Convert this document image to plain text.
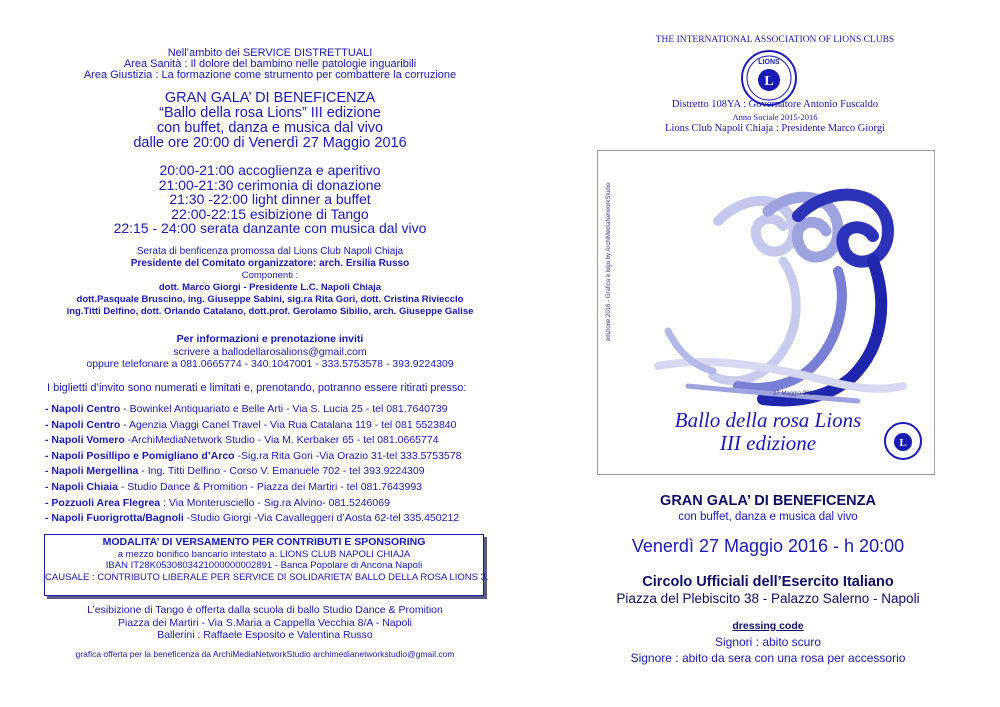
Nell’ambito dei SERVICE DISTRETTUALI
Area Sanità : Il dolore del bambino nelle patologie inguaribili
Area Giustizia : La formazione come strumento per combattere la corruzione
GRAN GALA’ DI BENEFICENZA
“Ballo della rosa Lions” III edizione
con buffet, danza e musica dal vivo
dalle ore 20:00 di Venerdì 27 Maggio 2016
20:00-21:00 accoglienza e aperitivo
21:00-21:30 cerimonia di donazione
21:30 -22:00 light dinner a buffet
22:00-22:15 esibizione di Tango
22:15 - 24:00 serata danzante con musica dal vivo
Serata di benficenza promossa dal Lions Club Napoli Chiaja
Presidente del Comitato organizzatore: arch. Ersilia Russo
Componenti :
dott. Marco Giorgi - Presidente L.C. Napoli Chiaja
dott.Pasquale Bruscino, ing. Giuseppe Sabini, sig.ra Rita Gori, dott. Cristina Riviecclo
ing.Titti Delfino, dott. Orlando Catalano, dott.prof. Gerolamo Sibilio, arch. Giuseppe Galise
Per informazioni e prenotazione inviti
scrivere a ballodellarosalions@gmail.com
oppure telefonare a 081.0665774 - 340.1047001 - 333.5753578 - 393.9224309
I biglietti d’invito sono numerati e limitati e, prenotando, potranno essere ritirati presso:
- Napoli Centro - Bowinkel Antiquariato e Belle Arti - Via S. Lucia 25 - tel 081.7640739
- Napoli Centro - Agenzia Viaggi Canel Travel - Via Rua Catalana 119 - tel 081 5523840
- Napoli Vomero -ArchiMediaNetwork Studio - Via M. Kerbaker 65 - tel 081.0665774
- Napoli Posillipo e Pomigliano d’Arco -Sig.ra Rita Gori -Via Orazio 31-tel 333.5753578
- Napoli Mergellina - Ing. Titti Delfino - Corso V. Emanuele 702 - tel 393.9224309
- Napoli Chiaia - Studio Dance & Promition - Piazza dei Martiri - tel 081.7643993
- Pozzuoli Area Flegrea : Via Monterusciello - Sig.ra Alvino- 081.5246069
- Napoli Fuorigrotta/Bagnoli -Studio Giorgi -Via Cavalleggeri d’Aosta 62-tel 335.450212
MODALITA’ DI VERSAMENTO PER CONTRIBUTI E SPONSORING
a mezzo bonifico bancario intestato a. LIONS CLUB NAPOLI CHIAJA
IBAN IT28K0530803421000000002891 - Banca Popolare di Ancona Napoli
CAUSALE : CONTRIBUTO LIBERALE PER SERVICE DI SOLIDARIETA’ BALLO DELLA ROSA LIONS 3.
L’esibizione di Tango è offerta dalla scuola di ballo Studio Dance & Promition
Piazza dei Martiri - Via S.Maria a Cappella Vecchia 8/A - Napoli
Ballerini : Raffaele Esposito e Valentina Russo
grafica offerta per la beneficenza da ArchiMediaNetworkStudio archimedianetworkstudio@gmail.com
THE INTERNATIONAL ASSOCIATION OF LIONS CLUBS
L
LIONS
Distretto 108YA : Governatore Antonio Fuscaldo
Anno Sociale 2015-2016
Lions Club Napoli Chiaja : Presidente Marco Giorgi
edizione 2016 - Grafica e logo by ArchiMediaNetworkStudio
27 Maggio 2016
Ballo della rosa Lions
III edizione	L
GRAN GALA’ DI BENEFICENZA
con buffet, danza e musica dal vivo
Venerdì 27 Maggio 2016 - h 20:00
Circolo Ufficiali dell’Esercito Italiano
Piazza del Plebiscito 38 - Palazzo Salerno - Napoli
dressing code
Signori : abito scuro
Signore : abito da sera con una rosa per accessorio
